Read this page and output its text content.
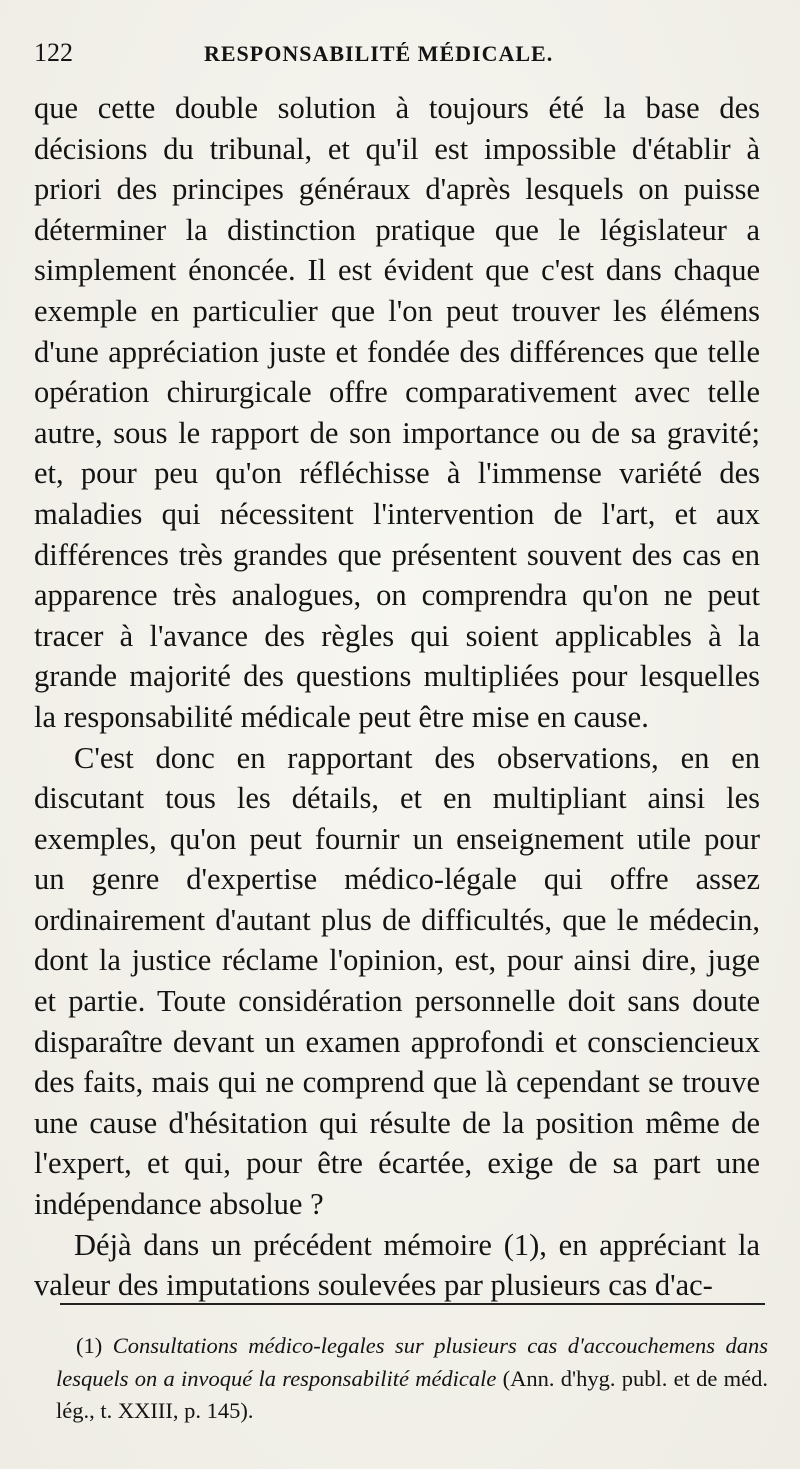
122	RESPONSABILITÉ MÉDICALE.

que cette double solution à toujours été la base des décisions du tribunal, et qu'il est impossible d'établir à priori des principes généraux d'après lesquels on puisse déterminer la distinction pratique que le législateur a simplement énoncée. Il est évident que c'est dans chaque exemple en particulier que l'on peut trouver les élémens d'une appréciation juste et fondée des différences que telle opération chirurgicale offre comparativement avec telle autre, sous le rapport de son importance ou de sa gravité; et, pour peu qu'on réfléchisse à l'immense variété des maladies qui nécessitent l'intervention de l'art, et aux différences très grandes que présentent souvent des cas en apparence très analogues, on comprendra qu'on ne peut tracer à l'avance des règles qui soient applicables à la grande majorité des questions multipliées pour lesquelles la responsabilité médicale peut être mise en cause.

C'est donc en rapportant des observations, en en discutant tous les détails, et en multipliant ainsi les exemples, qu'on peut fournir un enseignement utile pour un genre d'expertise médico-légale qui offre assez ordinairement d'autant plus de difficultés, que le médecin, dont la justice réclame l'opinion, est, pour ainsi dire, juge et partie. Toute considération personnelle doit sans doute disparaître devant un examen approfondi et consciencieux des faits, mais qui ne comprend que là cependant se trouve une cause d'hésitation qui résulte de la position même de l'expert, et qui, pour être écartée, exige de sa part une indépendance absolue ?

Déjà dans un précédent mémoire (1), en appréciant la valeur des imputations soulevées par plusieurs cas d'ac-

(1) Consultations médico-legales sur plusieurs cas d'accouchemens dans lesquels on a invoqué la responsabilité médicale (Ann. d'hyg. publ. et de méd. lég., t. XXIII, p. 145).
